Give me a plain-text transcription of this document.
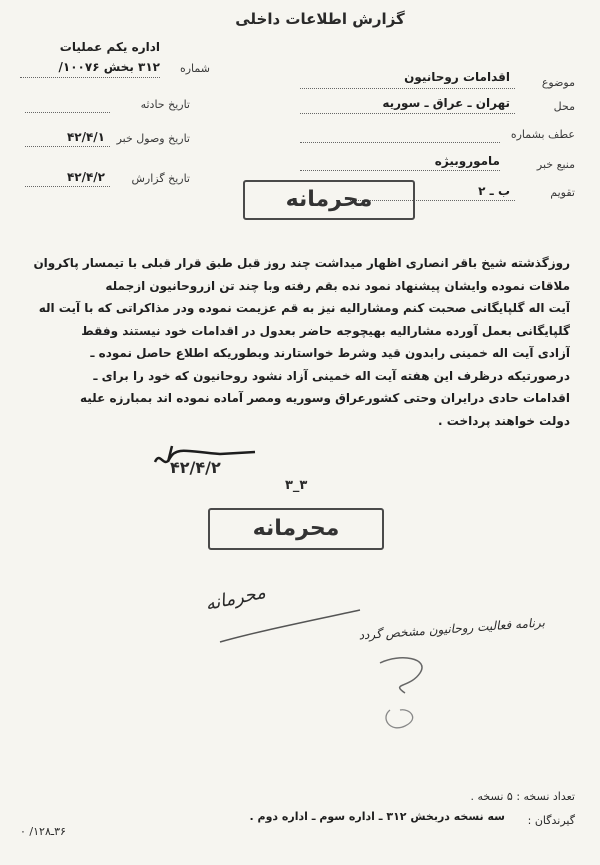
گزارش اطلاعات داخلی
اداره یکم عملیات
شماره
۳۱۲ بخش ۱۰۰۷۶/
تاریخ حادثه
تاریخ وصول خبر
۴۲/۴/۱
تاریخ گزارش
۴۲/۴/۲
موضوع
اقدامات روحانیون
محل
تهران ـ عراق ـ سوریه
عطف بشماره
منبع خبر
ماموروبیژه
تقویم
ب ـ ۲
محرمانه
روزگذشته شیخ باقر انصاری اظهار میداشت چند روز قبل طبق قرار قبلی با تیمسار پاکروان
ملاقات نموده وایشان پیشنهاد نمود نده بقم رفته وبا چند تن ازروحانیون ازجمله
آیت اله گلپایگانی صحبت کنم ومشارالیه نیز به قم عزیمت نموده ودر مذاکراتی که با آیت اله
گلپایگانی بعمل آورده مشارالیه بهیچوجه حاضر بعدول در اقدامات خود نیستند وفقط
آزادی آیت اله خمینی رابدون قید وشرط خواستارند وبطوریکه اطلاع حاصل نموده ـ
درصورتیکه درظرف این هفته آیت اله خمینی آزاد نشود روحانیون که خود را برای ـ
اقدامات حادی درایران وحتی کشورعراق وسوریه ومصر آماده نموده اند بمبارزه علیه
دولت خواهند پرداخت .
۴۲/۴/۲
۳_۳
محرمانه
محرمانه
برنامه فعالیت روحانیون مشخص گردد
تعداد نسخه : ۵ نسخه .
گیرندگان :
سه نسخه دربخش ۳۱۲ ـ اداره سوم ـ اداره دوم .
۳۶ـ۱۲۸/ ۰
